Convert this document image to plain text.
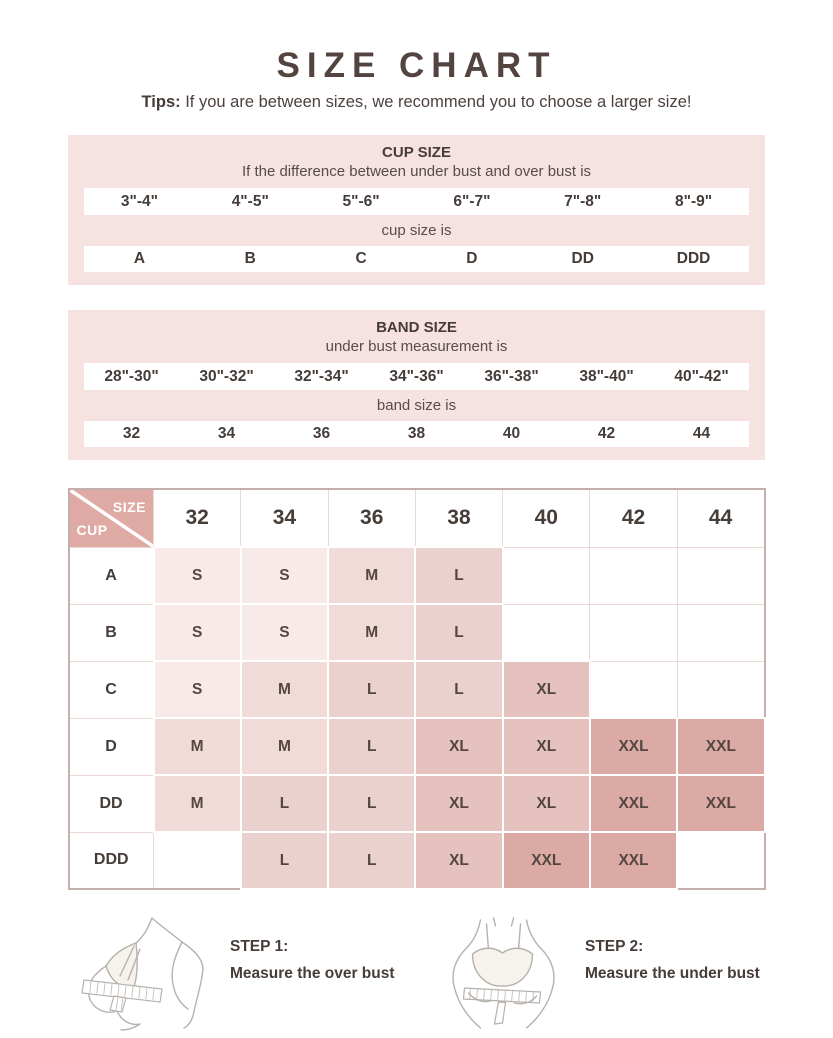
SIZE CHART

Tips: If you are between sizes, we recommend you to choose a larger size!

CUP SIZE
If the difference between under bust and over bust is
3"-4"	4"-5"	5"-6"	6"-7"	7"-8"	8"-9"
cup size is
A	B	C	D	DD	DDD
BAND SIZE
under bust measurement is
28"-30"	30"-32"	32"-34"	34"-36"	36"-38"	38"-40"	40"-42"
band size is
32	34	36	38	40	42	44
SIZE
CUP	32	34	36	38	40	42	44
A	S	S	M	L			
B	S	S	M	L			
C	S	M	L	L	XL		
D	M	M	L	XL	XL	XXL	XXL
DD	M	L	L	XL	XL	XXL	XXL
DDD		L	L	XL	XXL	XXL	
STEP 1:
Measure the over bust
STEP 2:
Measure the under bust
